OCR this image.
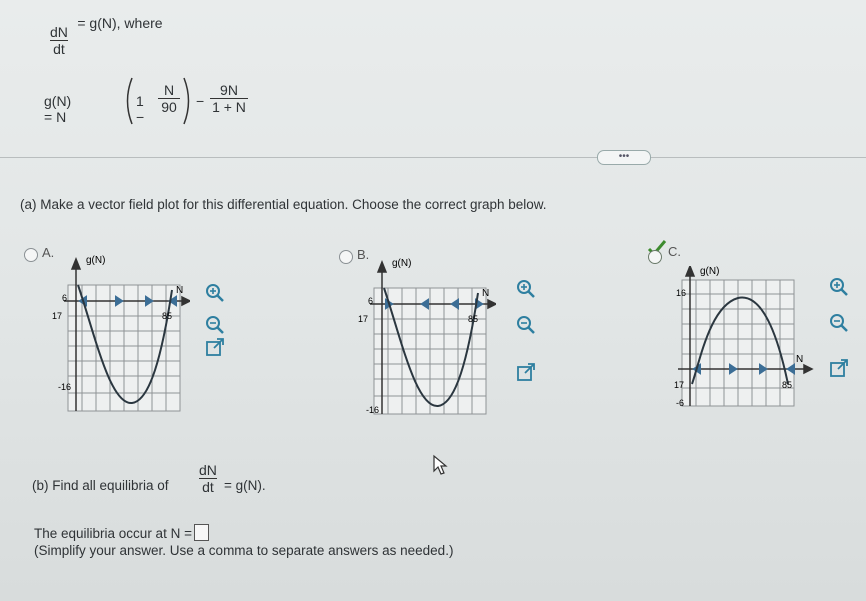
$\frac{dN}{dt}$
= g(N), where
g(N) = N
1 −
N
90 −
9N
1 + N
•••
(a) Make a vector field plot for this differential equation. Choose the correct graph below.
A.
g(N)
N
6
17	85
-16
B.
g(N)
N
6
17	85
-16
C.
g(N)
N
16
17	85
-6
(b) Find all equilibria of
dN
dt = g(N).
The equilibria occur at N =
(Simplify your answer. Use a comma to separate answers as needed.)
